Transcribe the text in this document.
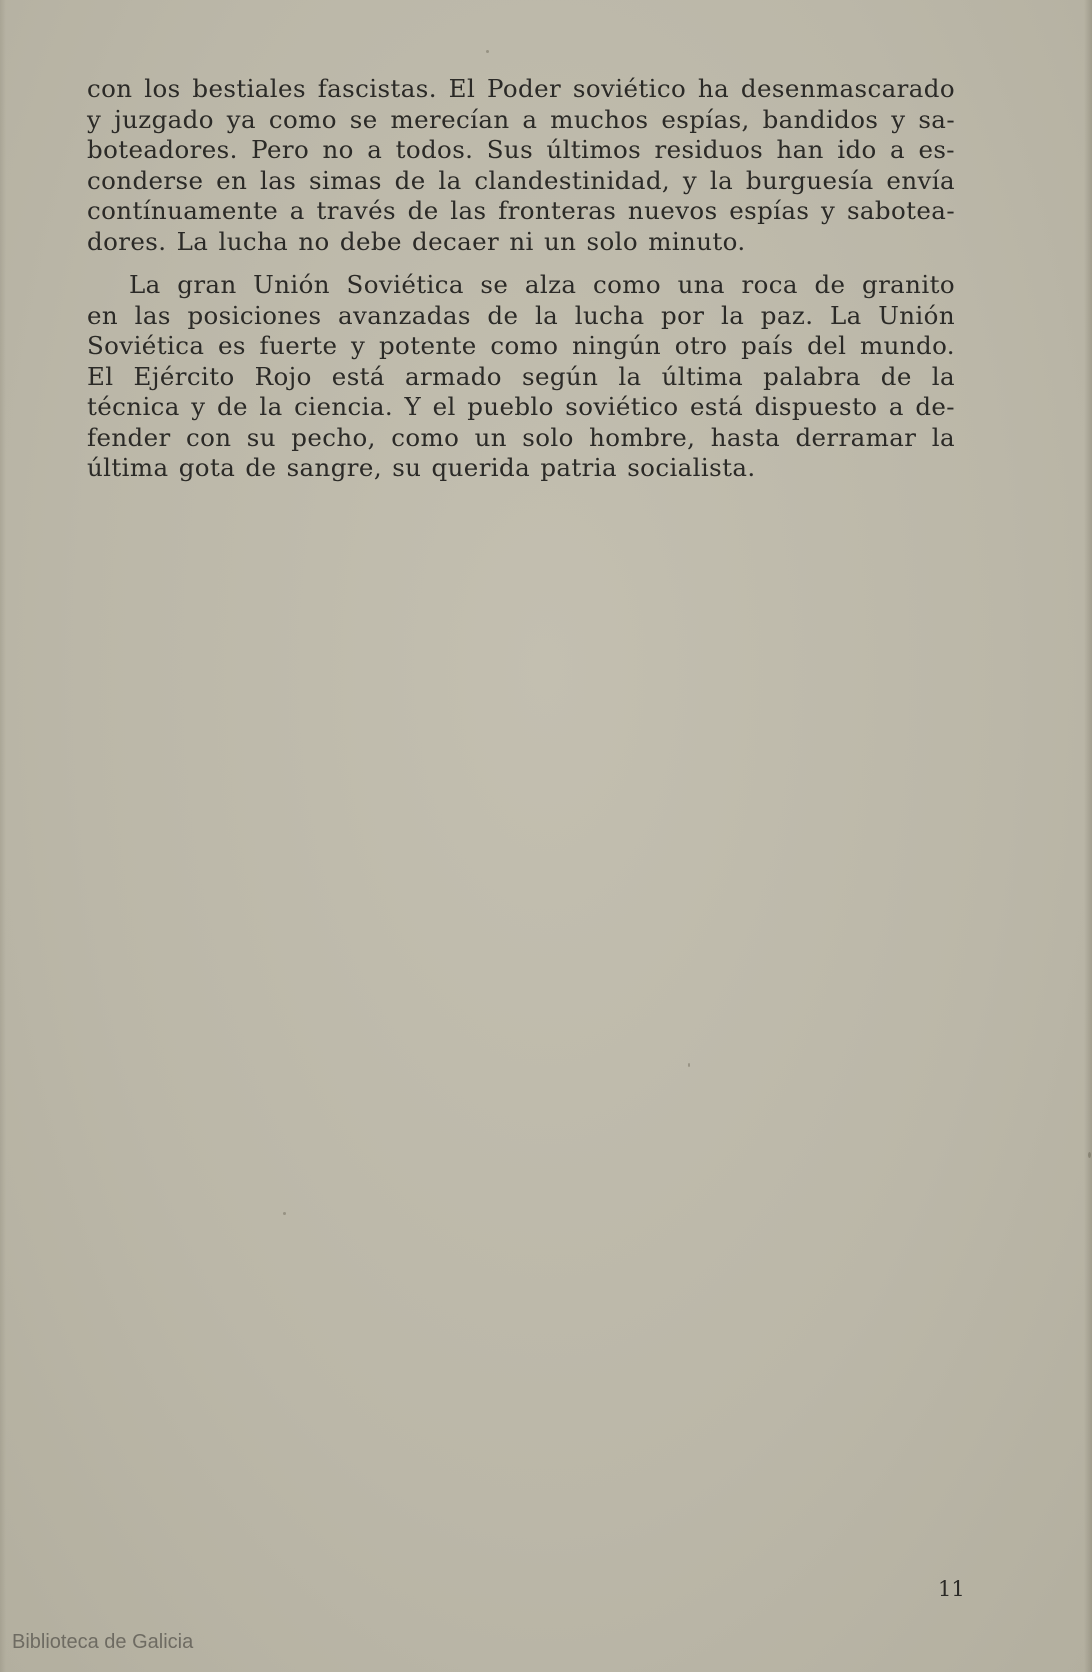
con los bestiales fascistas. El Poder soviético ha desenmascarado
y juzgado ya como se merecían a muchos espías, bandidos y sa-
boteadores. Pero no a todos. Sus últimos residuos han ido a es-
conderse en las simas de la clandestinidad, y la burguesía envía
contínuamente a través de las fronteras nuevos espías y sabotea-
dores. La lucha no debe decaer ni un solo minuto.
La gran Unión Soviética se alza como una roca de granito
en las posiciones avanzadas de la lucha por la paz. La Unión
Soviética es fuerte y potente como ningún otro país del mundo.
El Ejército Rojo está armado según la última palabra de la
técnica y de la ciencia. Y el pueblo soviético está dispuesto a de-
fender con su pecho, como un solo hombre, hasta derramar la
última gota de sangre, su querida patria socialista.
11
Biblioteca de Galicia
